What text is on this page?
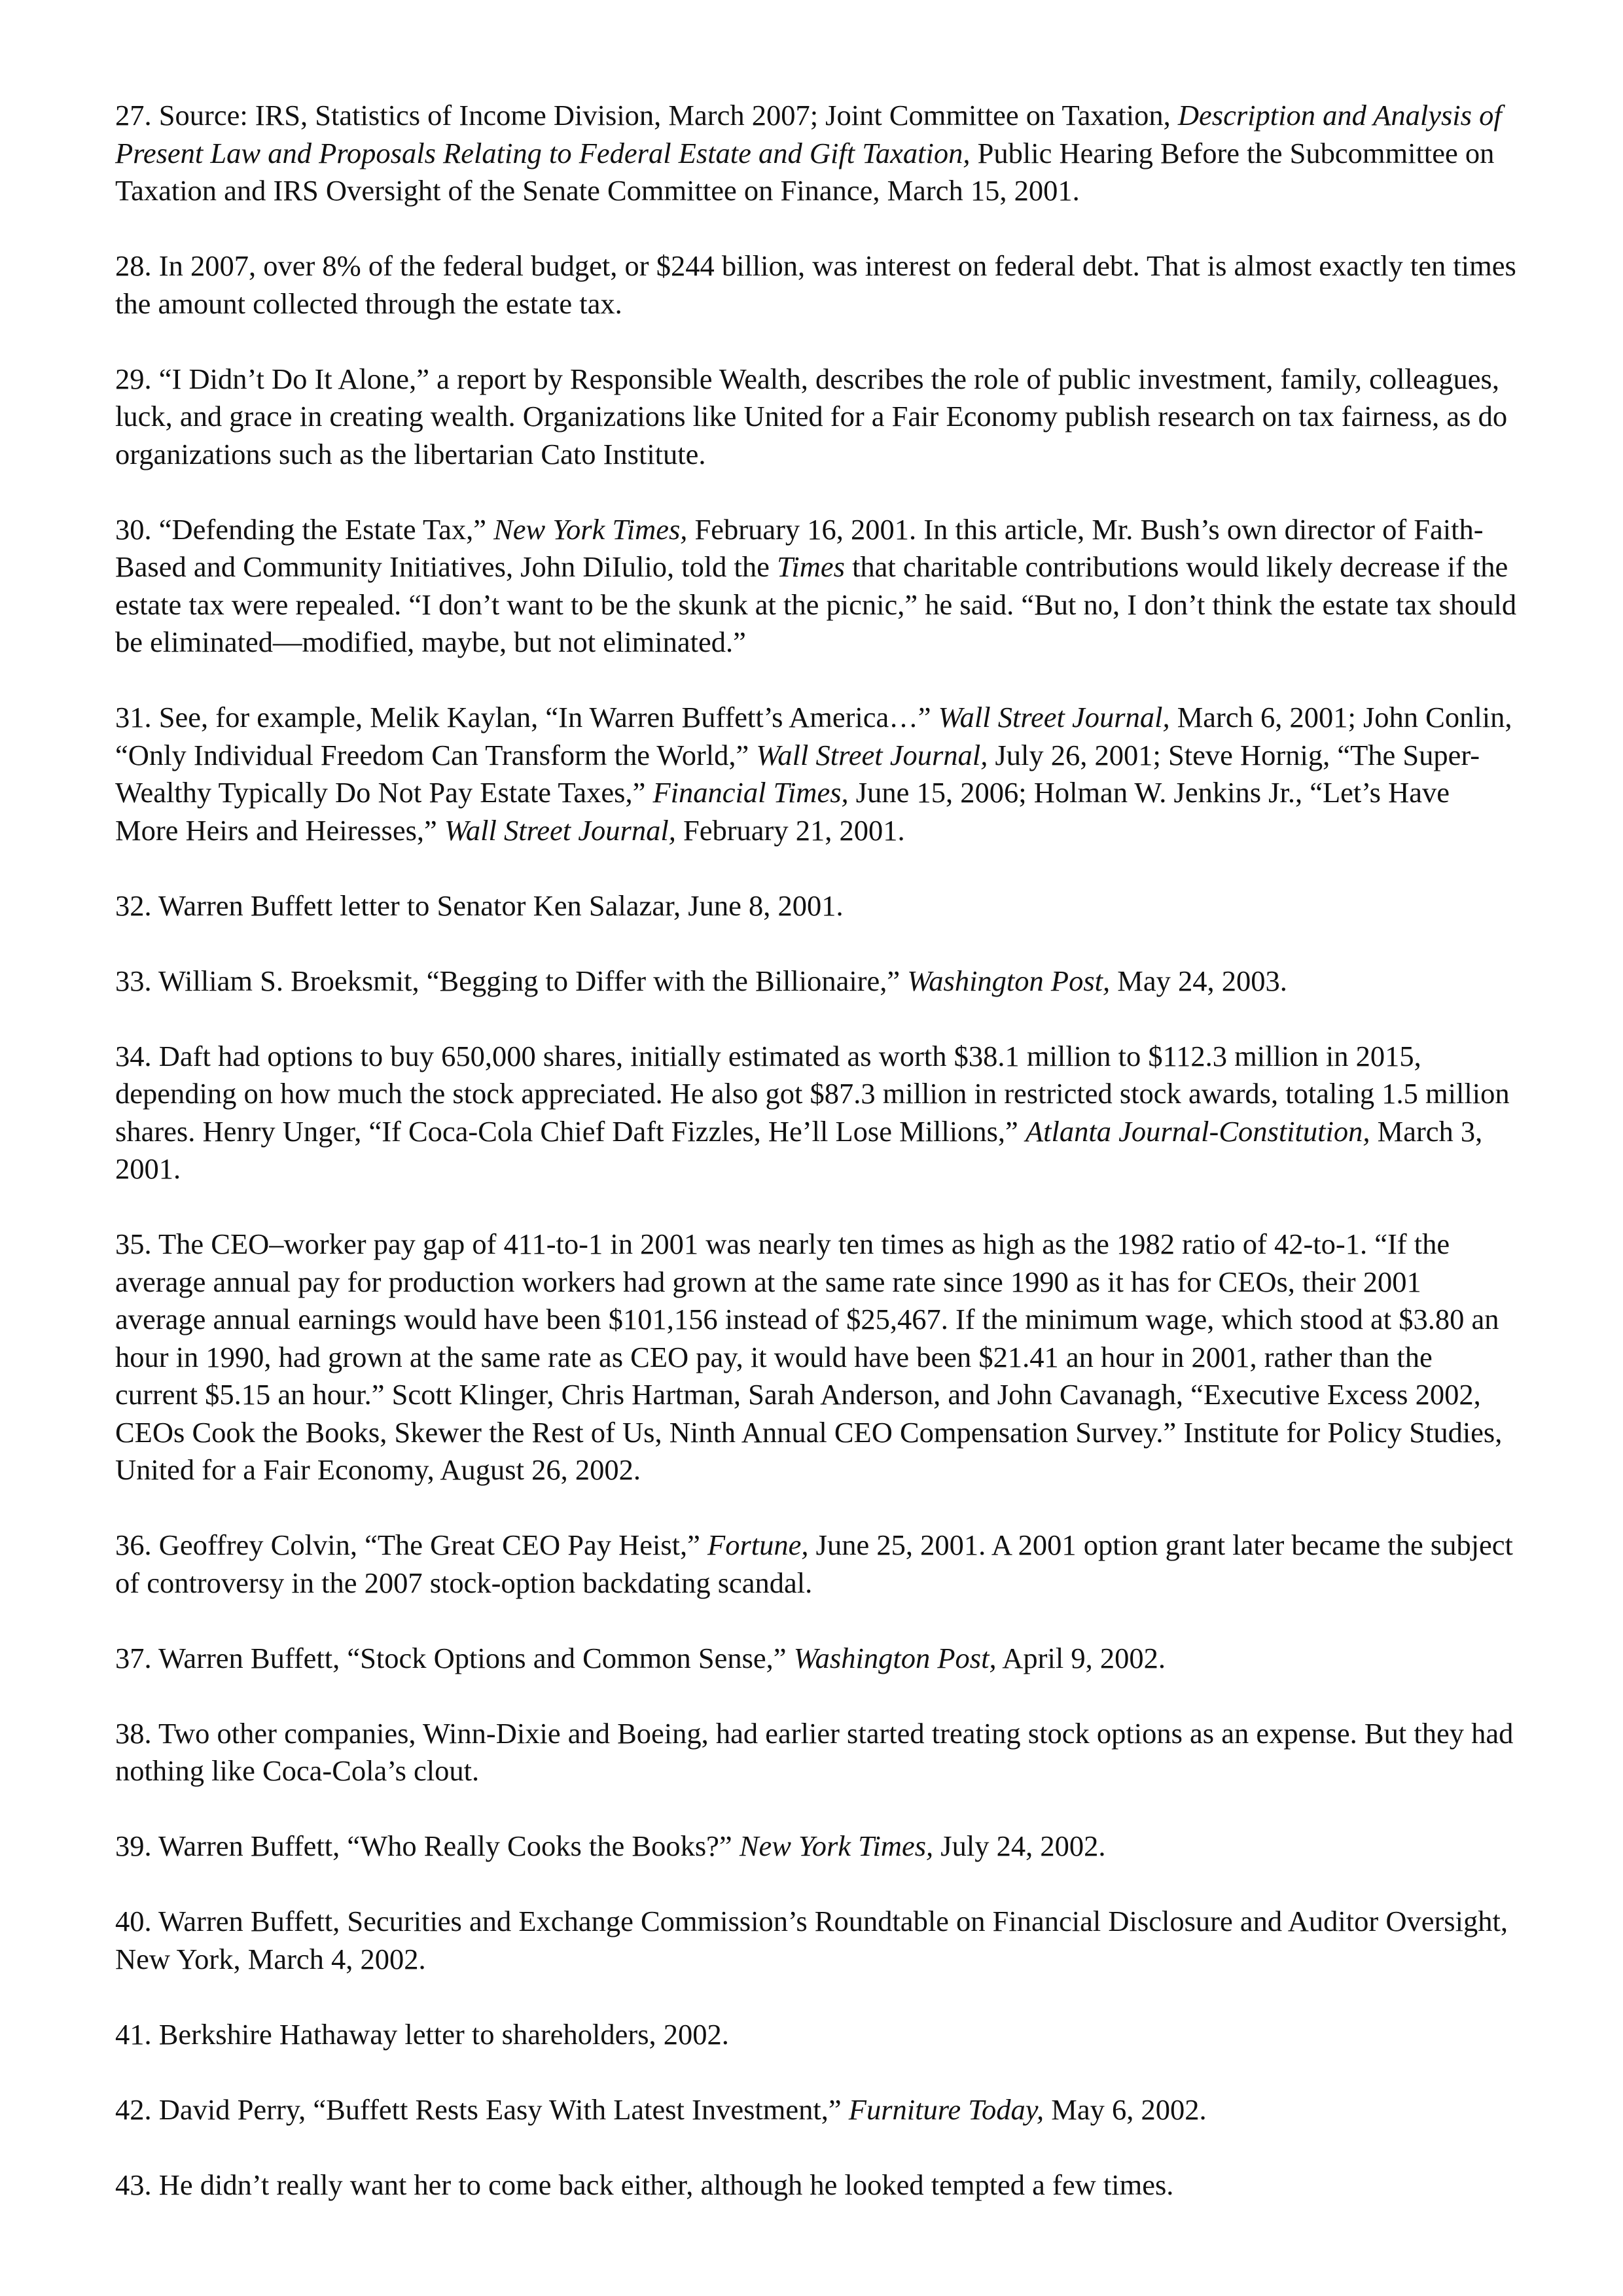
27. Source: IRS, Statistics of Income Division, March 2007; Joint Committee on Taxation, Description and Analysis of Present Law and Proposals Relating to Federal Estate and Gift Taxation, Public Hearing Before the Subcommittee on Taxation and IRS Oversight of the Senate Committee on Finance, March 15, 2001.

28. In 2007, over 8% of the federal budget, or $244 billion, was interest on federal debt. That is almost exactly ten times the amount collected through the estate tax.

29. “I Didn’t Do It Alone,” a report by Responsible Wealth, describes the role of public investment, family, colleagues, luck, and grace in creating wealth. Organizations like United for a Fair Economy publish research on tax fairness, as do organizations such as the libertarian Cato Institute.

30. “Defending the Estate Tax,” New York Times, February 16, 2001. In this article, Mr. Bush’s own director of Faith-Based and Community Initiatives, John DiIulio, told the Times that charitable contributions would likely decrease if the estate tax were repealed. “I don’t want to be the skunk at the picnic,” he said. “But no, I don’t think the estate tax should be eliminated—modified, maybe, but not eliminated.”

31. See, for example, Melik Kaylan, “In Warren Buffett’s America…” Wall Street Journal, March 6, 2001; John Conlin, “Only Individual Freedom Can Transform the World,” Wall Street Journal, July 26, 2001; Steve Hornig, “The Super-Wealthy Typically Do Not Pay Estate Taxes,” Financial Times, June 15, 2006; Holman W. Jenkins Jr., “Let’s Have More Heirs and Heiresses,” Wall Street Journal, February 21, 2001.

32. Warren Buffett letter to Senator Ken Salazar, June 8, 2001.

33. William S. Broeksmit, “Begging to Differ with the Billionaire,” Washington Post, May 24, 2003.

34. Daft had options to buy 650,000 shares, initially estimated as worth $38.1 million to $112.3 million in 2015, depending on how much the stock appreciated. He also got $87.3 million in restricted stock awards, totaling 1.5 million shares. Henry Unger, “If Coca-Cola Chief Daft Fizzles, He’ll Lose Millions,” Atlanta Journal-Constitution, March 3, 2001.

35. The CEO–worker pay gap of 411-to-1 in 2001 was nearly ten times as high as the 1982 ratio of 42-to-1. “If the average annual pay for production workers had grown at the same rate since 1990 as it has for CEOs, their 2001 average annual earnings would have been $101,156 instead of $25,467. If the minimum wage, which stood at $3.80 an hour in 1990, had grown at the same rate as CEO pay, it would have been $21.41 an hour in 2001, rather than the current $5.15 an hour.” Scott Klinger, Chris Hartman, Sarah Anderson, and John Cavanagh, “Executive Excess 2002, CEOs Cook the Books, Skewer the Rest of Us, Ninth Annual CEO Compensation Survey.” Institute for Policy Studies, United for a Fair Economy, August 26, 2002.

36. Geoffrey Colvin, “The Great CEO Pay Heist,” Fortune, June 25, 2001. A 2001 option grant later became the subject of controversy in the 2007 stock-option backdating scandal.

37. Warren Buffett, “Stock Options and Common Sense,” Washington Post, April 9, 2002.

38. Two other companies, Winn-Dixie and Boeing, had earlier started treating stock options as an expense. But they had nothing like Coca-Cola’s clout.

39. Warren Buffett, “Who Really Cooks the Books?” New York Times, July 24, 2002.

40. Warren Buffett, Securities and Exchange Commission’s Roundtable on Financial Disclosure and Auditor Oversight, New York, March 4, 2002.

41. Berkshire Hathaway letter to shareholders, 2002.

42. David Perry, “Buffett Rests Easy With Latest Investment,” Furniture Today, May 6, 2002.

43. He didn’t really want her to come back either, although he looked tempted a few times.
